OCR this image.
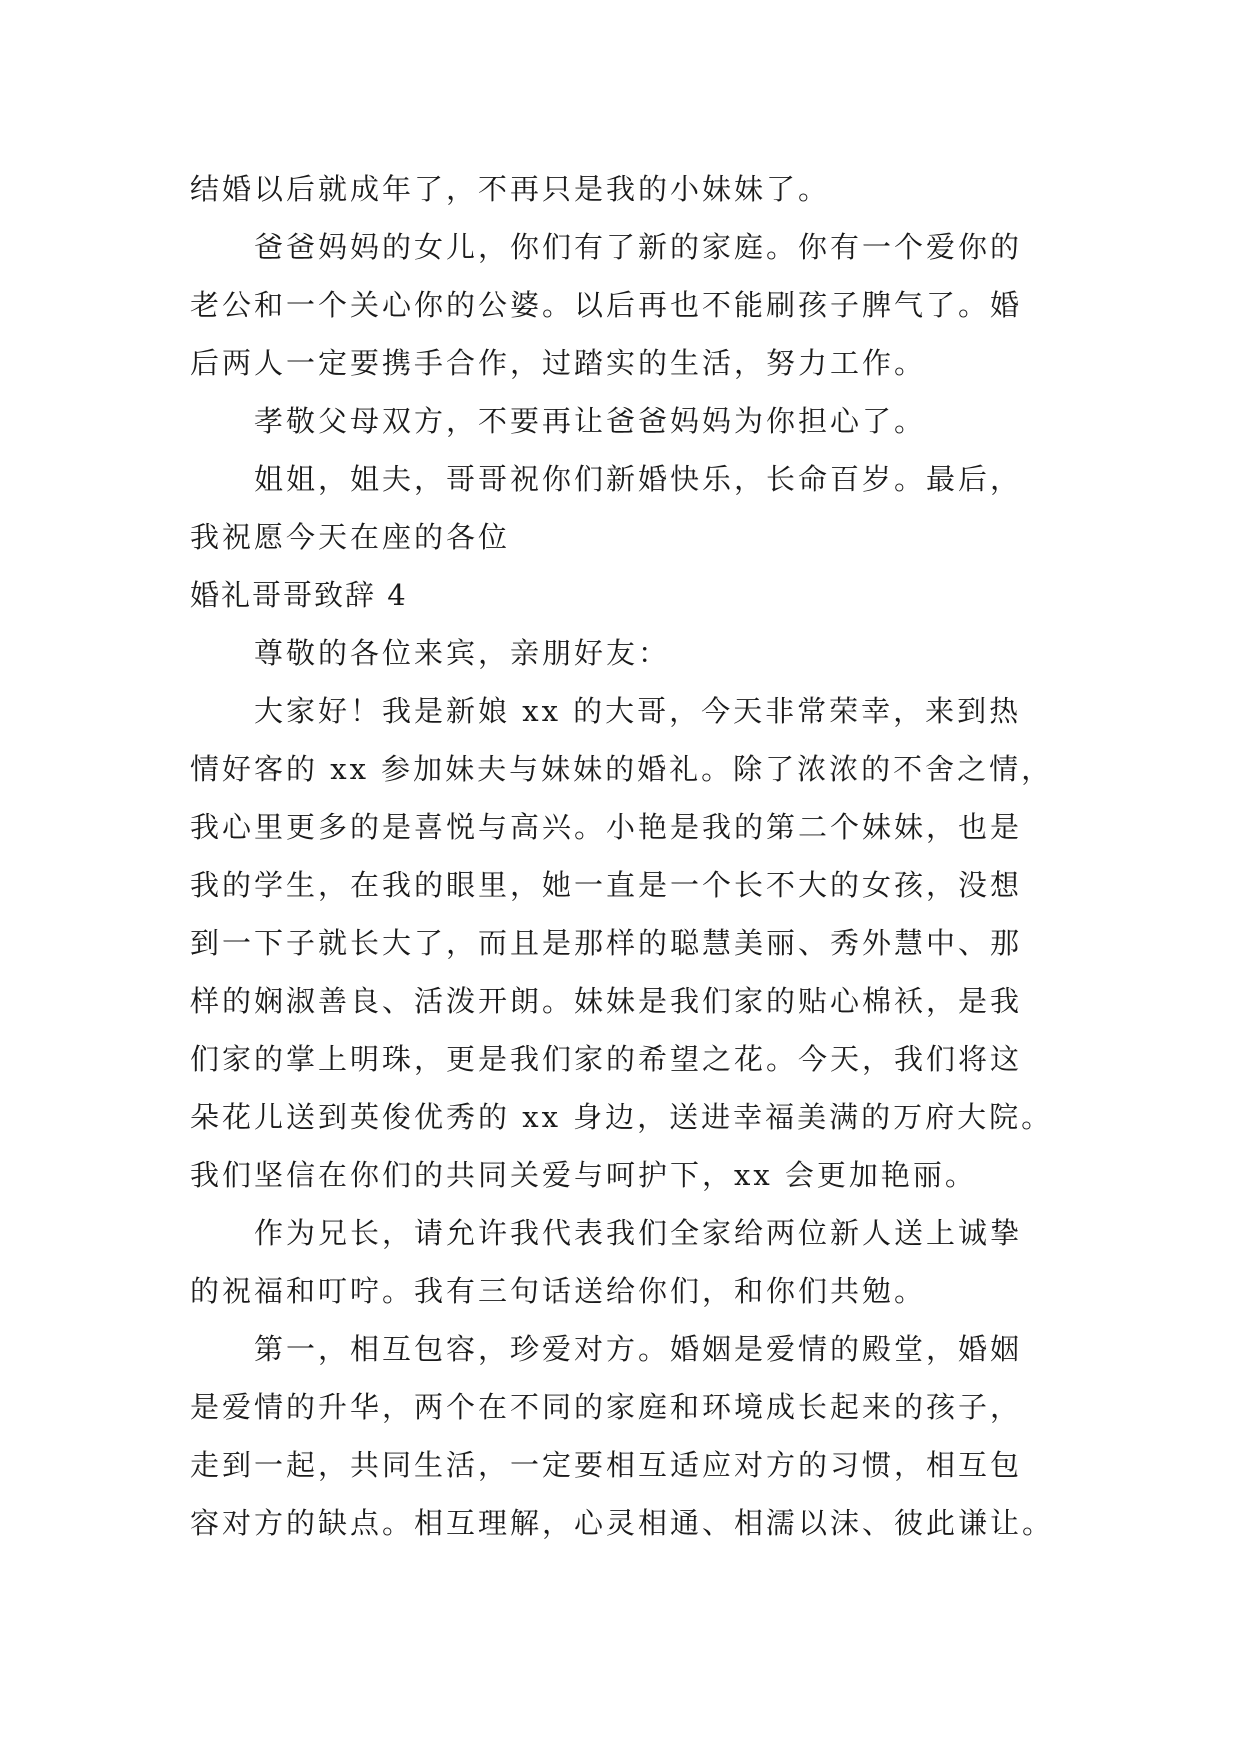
结婚以后就成年了，不再只是我的小妹妹了。
爸爸妈妈的女儿，你们有了新的家庭。你有一个爱你的
老公和一个关心你的公婆。以后再也不能刷孩子脾气了。婚
后两人一定要携手合作，过踏实的生活，努力工作。
孝敬父母双方，不要再让爸爸妈妈为你担心了。
姐姐，姐夫，哥哥祝你们新婚快乐，长命百岁。最后，
我祝愿今天在座的各位
婚礼哥哥致辞 4
尊敬的各位来宾，亲朋好友：
大家好！我是新娘 xx 的大哥，今天非常荣幸，来到热
情好客的 xx 参加妹夫与妹妹的婚礼。除了浓浓的不舍之情，
我心里更多的是喜悦与高兴。小艳是我的第二个妹妹，也是
我的学生，在我的眼里，她一直是一个长不大的女孩，没想
到一下子就长大了，而且是那样的聪慧美丽、秀外慧中、那
样的娴淑善良、活泼开朗。妹妹是我们家的贴心棉袄，是我
们家的掌上明珠，更是我们家的希望之花。今天，我们将这
朵花儿送到英俊优秀的 xx 身边，送进幸福美满的万府大院。
我们坚信在你们的共同关爱与呵护下，xx 会更加艳丽。
作为兄长，请允许我代表我们全家给两位新人送上诚挚
的祝福和叮咛。我有三句话送给你们，和你们共勉。
第一，相互包容，珍爱对方。婚姻是爱情的殿堂，婚姻
是爱情的升华，两个在不同的家庭和环境成长起来的孩子，
走到一起，共同生活，一定要相互适应对方的习惯，相互包
容对方的缺点。相互理解，心灵相通、相濡以沫、彼此谦让。
